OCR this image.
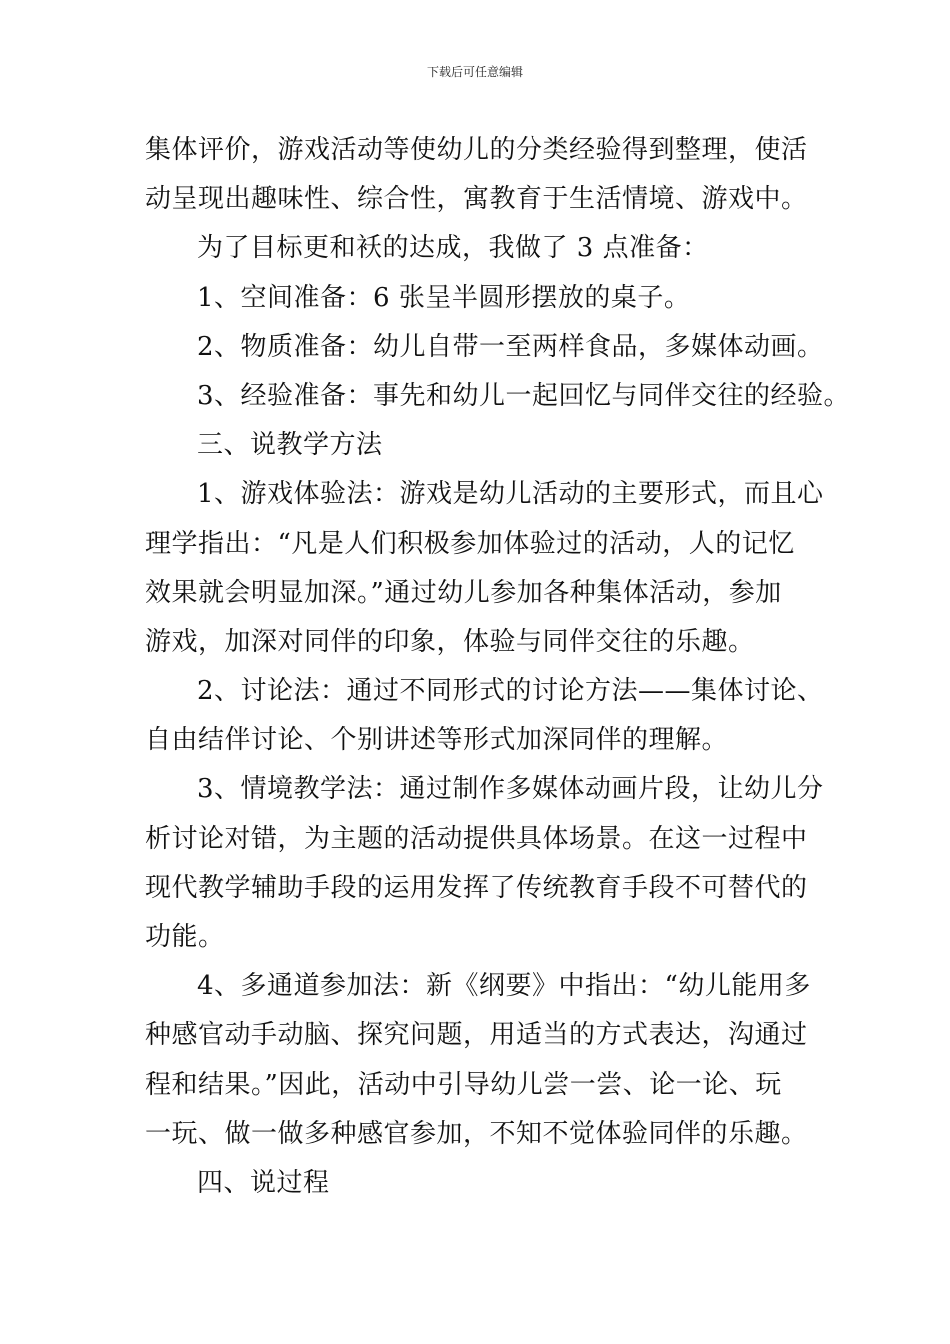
下载后可任意编辑
集体评价，游戏活动等使幼儿的分类经验得到整理，使活
动呈现出趣味性、综合性，寓教育于生活情境、游戏中。
为了目标更和袄的达成，我做了 3 点准备：
1、空间准备：6 张呈半圆形摆放的桌子。
2、物质准备：幼儿自带一至两样食品，多媒体动画。
3、经验准备：事先和幼儿一起回忆与同伴交往的经验。
三、说教学方法
1、游戏体验法：游戏是幼儿活动的主要形式，而且心
理学指出：“凡是人们积极参加体验过的活动，人的记忆
效果就会明显加深。”通过幼儿参加各种集体活动，参加
游戏，加深对同伴的印象，体验与同伴交往的乐趣。
2、讨论法：通过不同形式的讨论方法——集体讨论、
自由结伴讨论、个别讲述等形式加深同伴的理解。
3、情境教学法：通过制作多媒体动画片段，让幼儿分
析讨论对错，为主题的活动提供具体场景。在这一过程中
现代教学辅助手段的运用发挥了传统教育手段不可替代的
功能。
4、多通道参加法：新《纲要》中指出：“幼儿能用多
种感官动手动脑、探究问题，用适当的方式表达，沟通过
程和结果。”因此，活动中引导幼儿尝一尝、论一论、玩
一玩、做一做多种感官参加，不知不觉体验同伴的乐趣。
四、说过程
